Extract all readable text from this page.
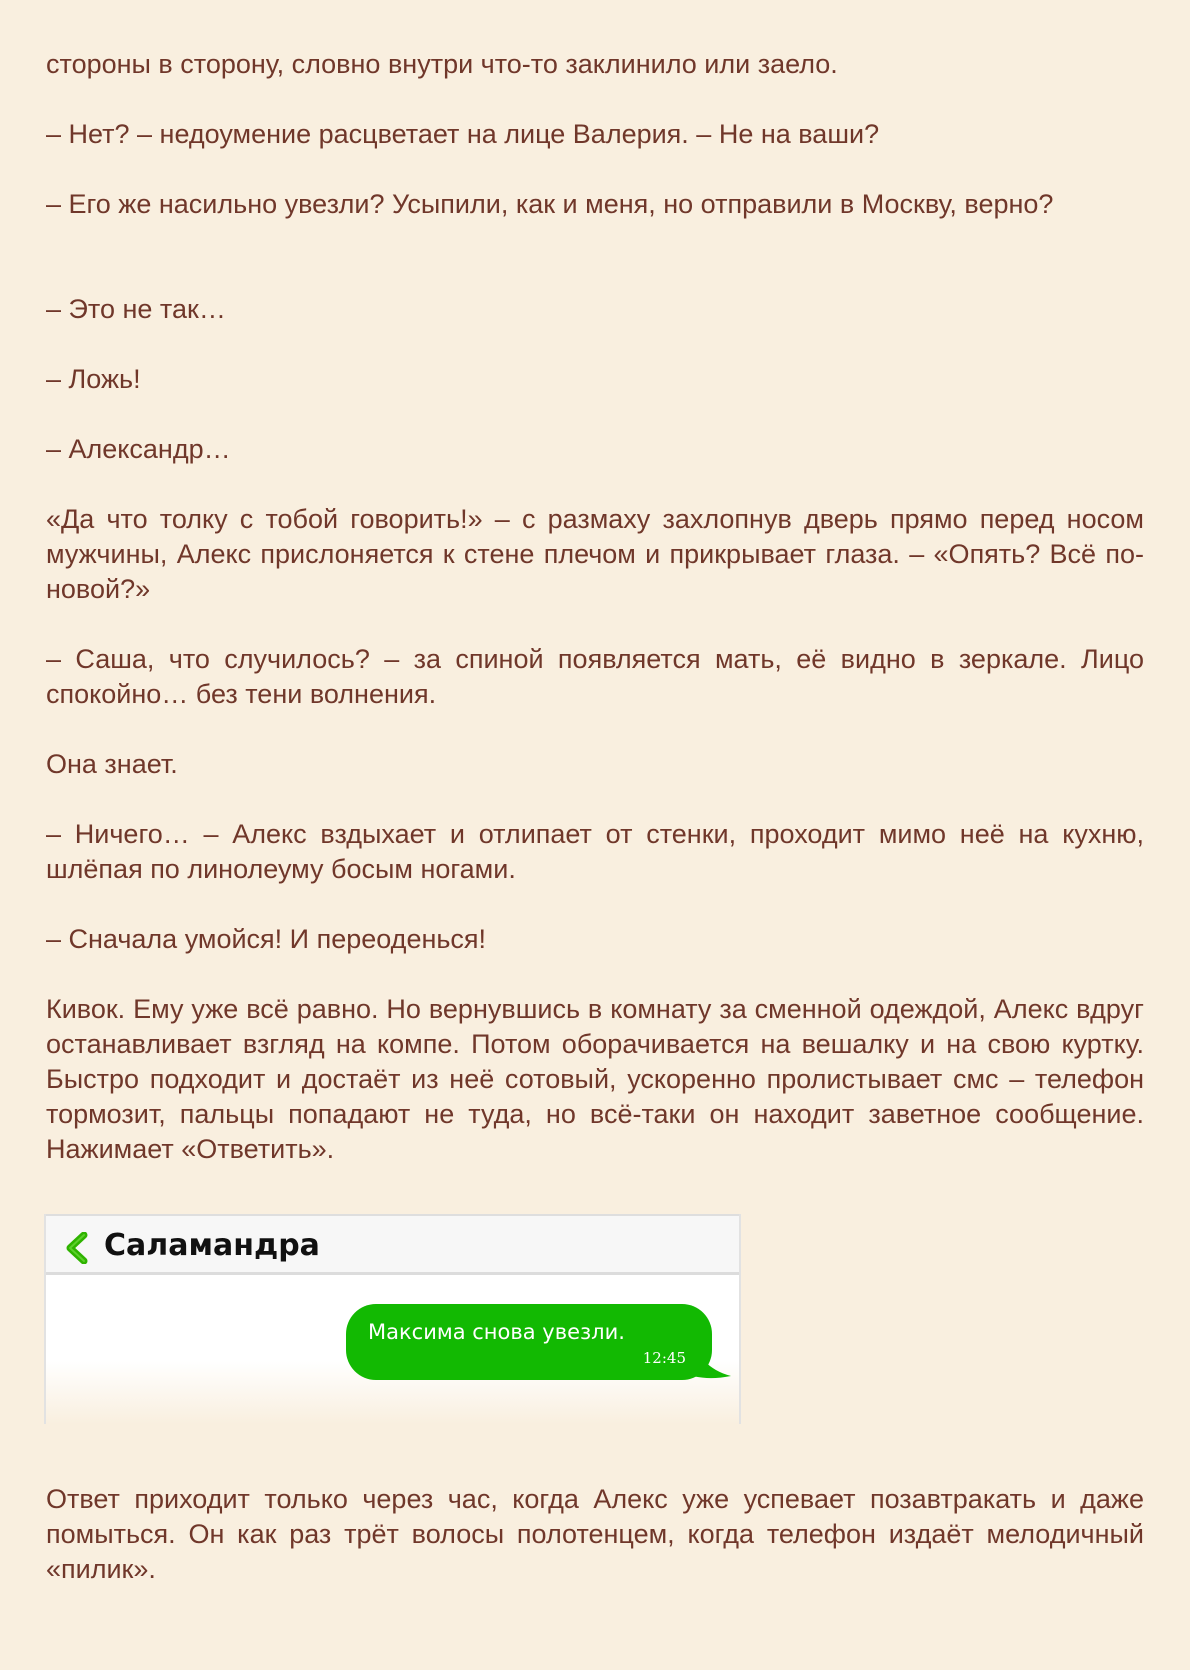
стороны в сторону, словно внутри что-то заклинило или заело.

– Нет? – недоумение расцветает на лице Валерия. – Не на ваши?

– Его же насильно увезли? Усыпили, как и меня, но отправили в Москву, верно?

– Это не так…

– Ложь!

– Александр…

«Да что толку с тобой говорить!» – с размаху захлопнув дверь прямо перед носом мужчины, Алекс прислоняется к стене плечом и прикрывает глаза. – «Опять? Всё по-новой?»

– Саша, что случилось? – за спиной появляется мать, её видно в зеркале. Лицо спокойно… без тени волнения.

Она знает.

– Ничего… – Алекс вздыхает и отлипает от стенки, проходит мимо неё на кухню, шлёпая по линолеуму босым ногами.

– Сначала умойся! И переоденься!

Кивок. Ему уже всё равно. Но вернувшись в комнату за сменной одеждой, Алекс вдруг останавливает взгляд на компе. Потом оборачивается на вешалку и на свою куртку. Быстро подходит и достаёт из неё сотовый, ускоренно пролистывает смс – телефон тормозит, пальцы попадают не туда, но всё-таки он находит заветное сообщение. Нажимает «Ответить».

Ответ приходит только через час, когда Алекс уже успевает позавтракать и даже помыться. Он как раз трёт волосы полотенцем, когда телефон издаёт мелодичный «пилик».

Саламандра

Максима снова увезли.

12:45
